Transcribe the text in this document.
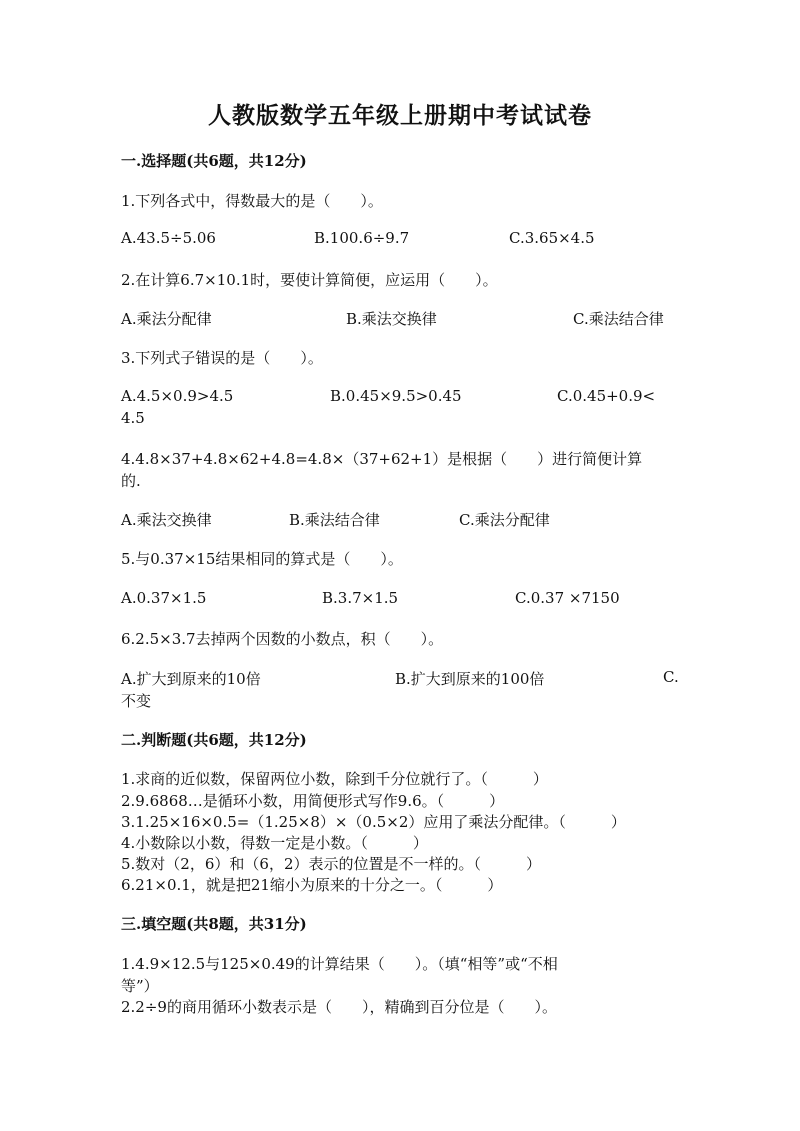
人教版数学五年级上册期中考试试卷
一.选择题(共6题，共12分)
1.下列各式中，得数最大的是（　　）。
A.43.5÷5.06	B.100.6÷9.7	C.3.65×4.5
2.在计算6.7×10.1时，要使计算简便，应运用（　　）。
A.乘法分配律	B.乘法交换律	C.乘法结合律
3.下列式子错误的是（　　）。
A.4.5×0.9>4.5	B.0.45×9.5>0.45	C.0.45+0.9<
4.5
4.4.8×37+4.8×62+4.8=4.8×（37+62+1）是根据（　　）进行简便计算
的.
A.乘法交换律	B.乘法结合律	C.乘法分配律
5.与0.37×15结果相同的算式是（　　）。
A.0.37×1.5	B.3.7×1.5	C.0.37 ×7150
6.2.5×3.7去掉两个因数的小数点，积（　　）。
A.扩大到原来的10倍	B.扩大到原来的100倍	C.
不变
二.判断题(共6题，共12分)
1.求商的近似数，保留两位小数，除到千分位就行了。（　　　）
2.9.6868…是循环小数，用简便形式写作9.6。（　　　）
3.1.25×16×0.5=（1.25×8）×（0.5×2）应用了乘法分配律。（　　　）
4.小数除以小数，得数一定是小数。（　　　）
5.数对（2，6）和（6，2）表示的位置是不一样的。（　　　）
6.21×0.1，就是把21缩小为原来的十分之一。（　　　）
三.填空题(共8题，共31分)
1.4.9×12.5与125×0.49的计算结果（　　）。（填“相等”或“不相
等”）
2.2÷9的商用循环小数表示是（　　），精确到百分位是（　　）。
